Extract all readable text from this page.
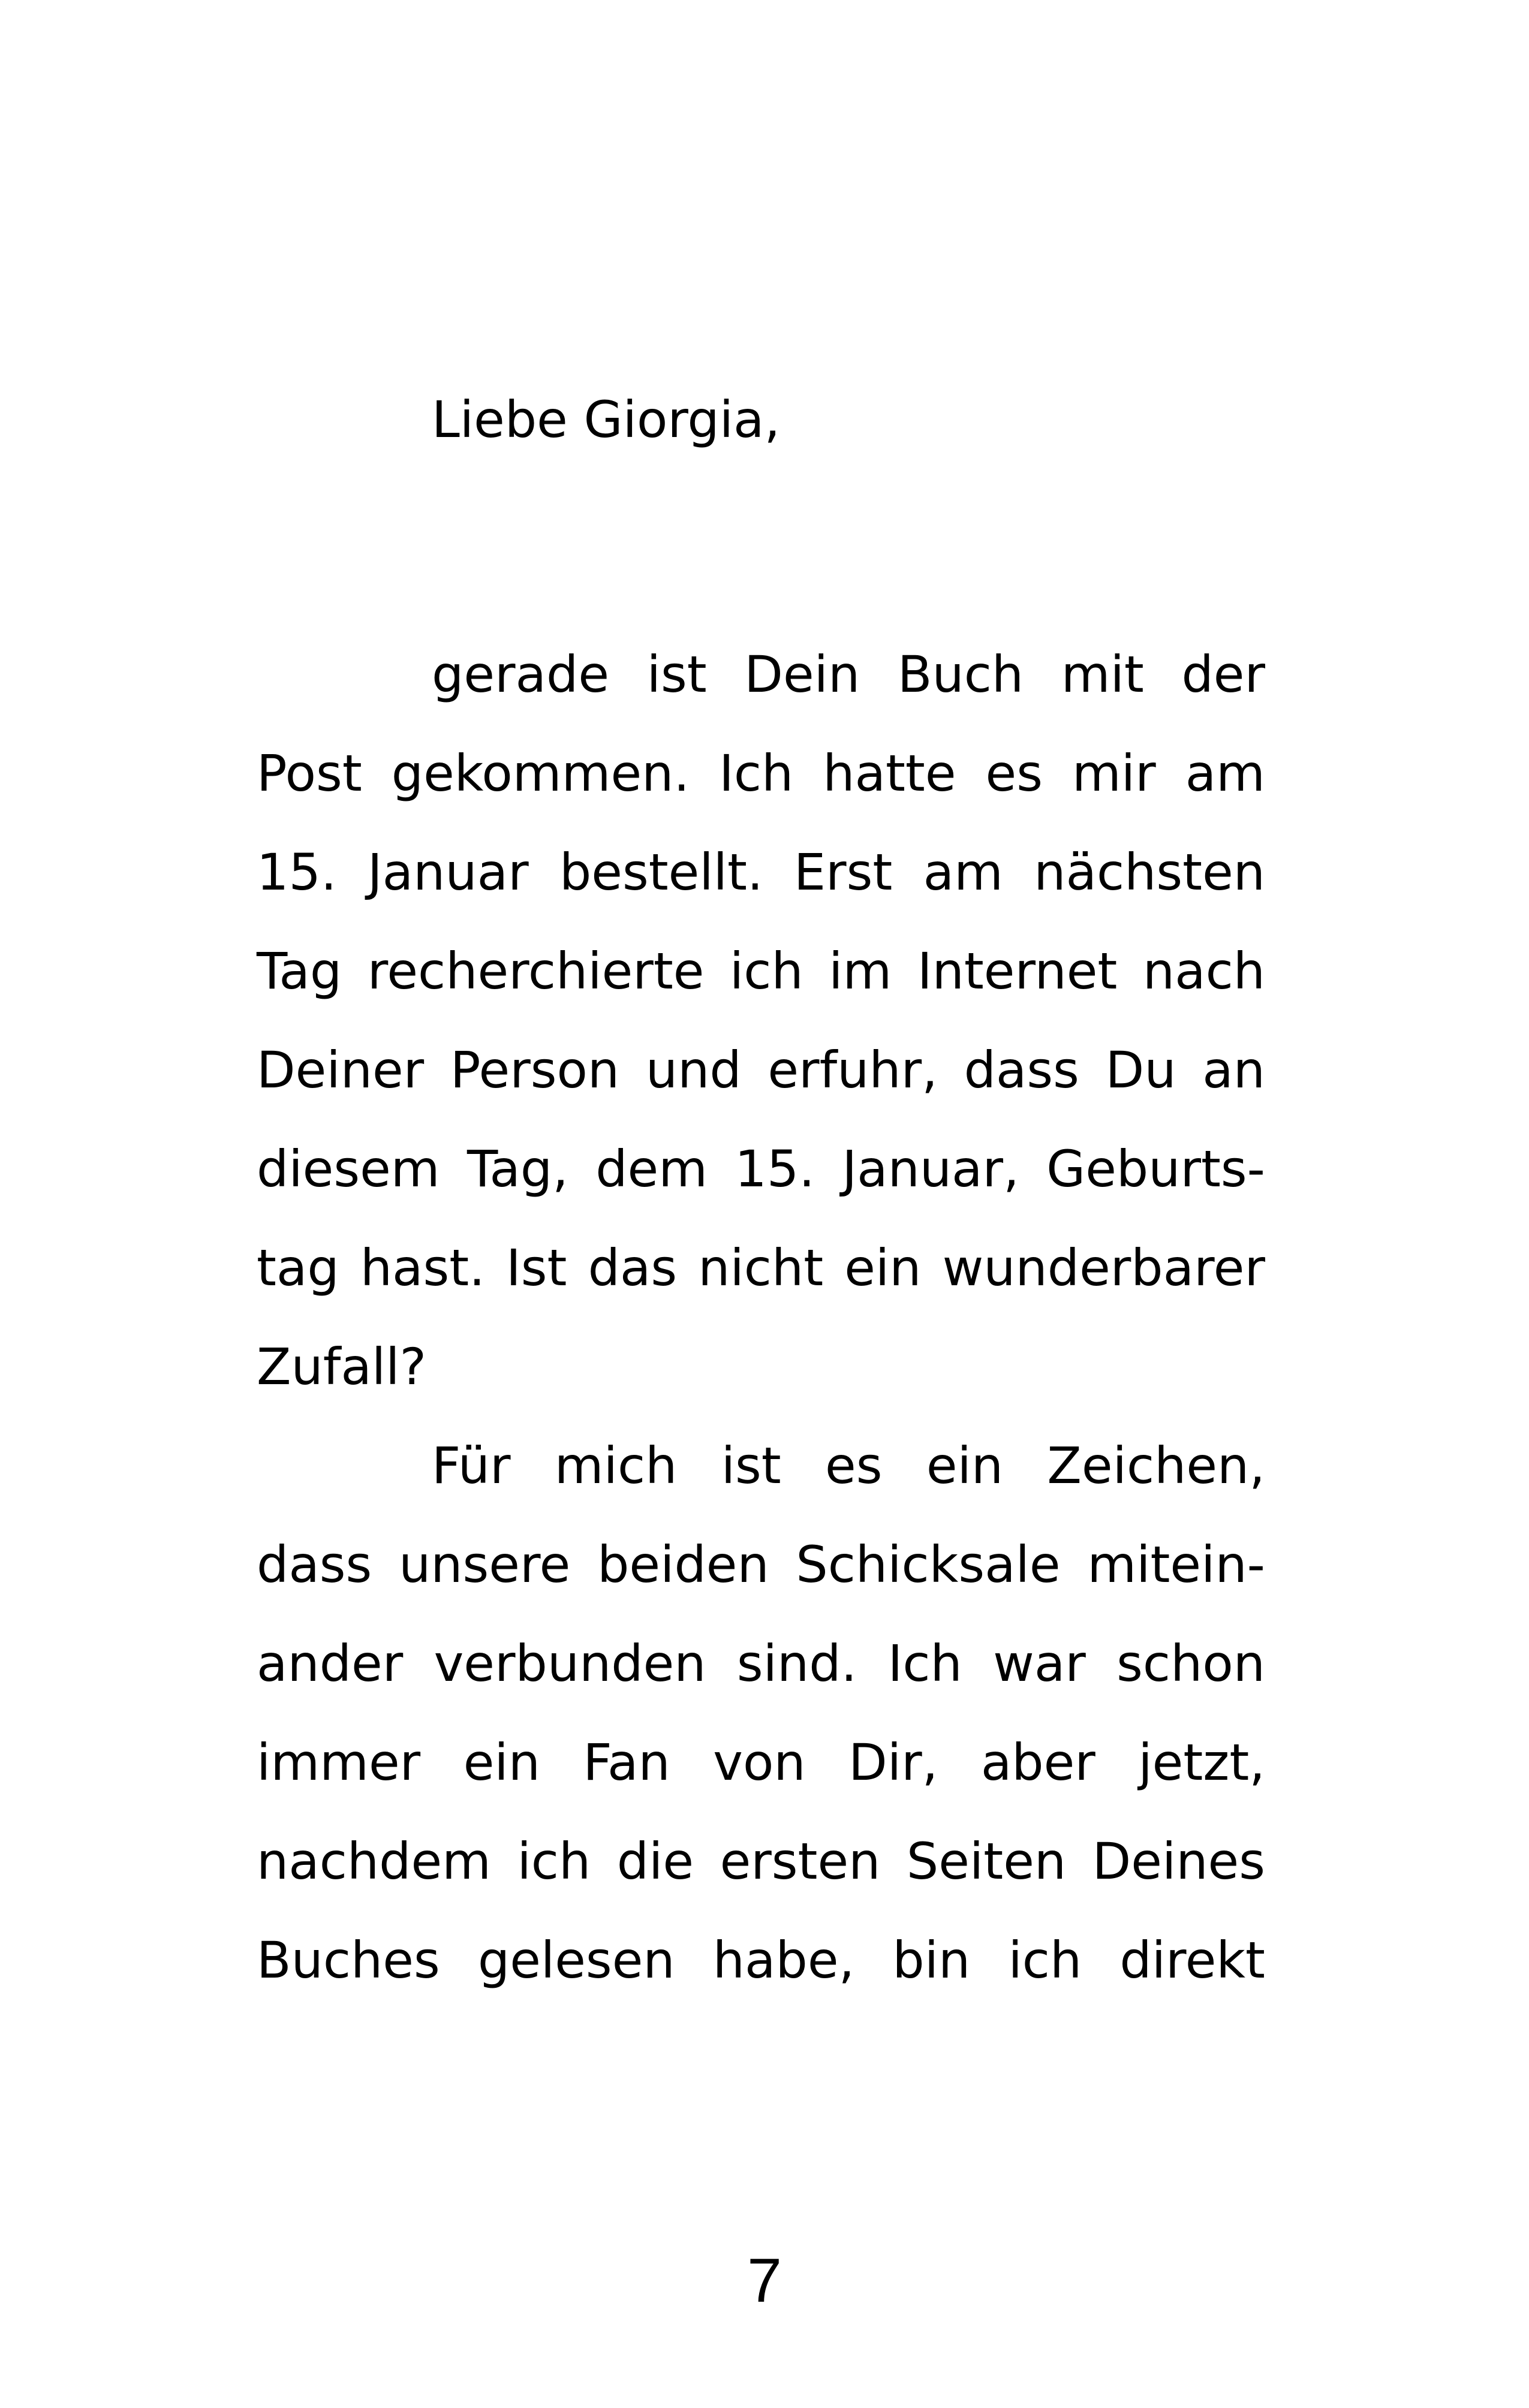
Liebe Giorgia,
gerade ist Dein Buch mit der
Post gekommen. Ich hatte es mir am
15. Januar bestellt. Erst am nächsten
Tag recherchierte ich im Internet nach
Deiner Person und erfuhr, dass Du an
diesem Tag, dem 15. Januar, Geburts-
tag hast. Ist das nicht ein wunderbarer
Zufall?
Für mich ist es ein Zeichen,
dass unsere beiden Schicksale mitein-
ander verbunden sind. Ich war schon
immer ein Fan von Dir, aber jetzt,
nachdem ich die ersten Seiten Deines
Buches gelesen habe, bin ich direkt
7
